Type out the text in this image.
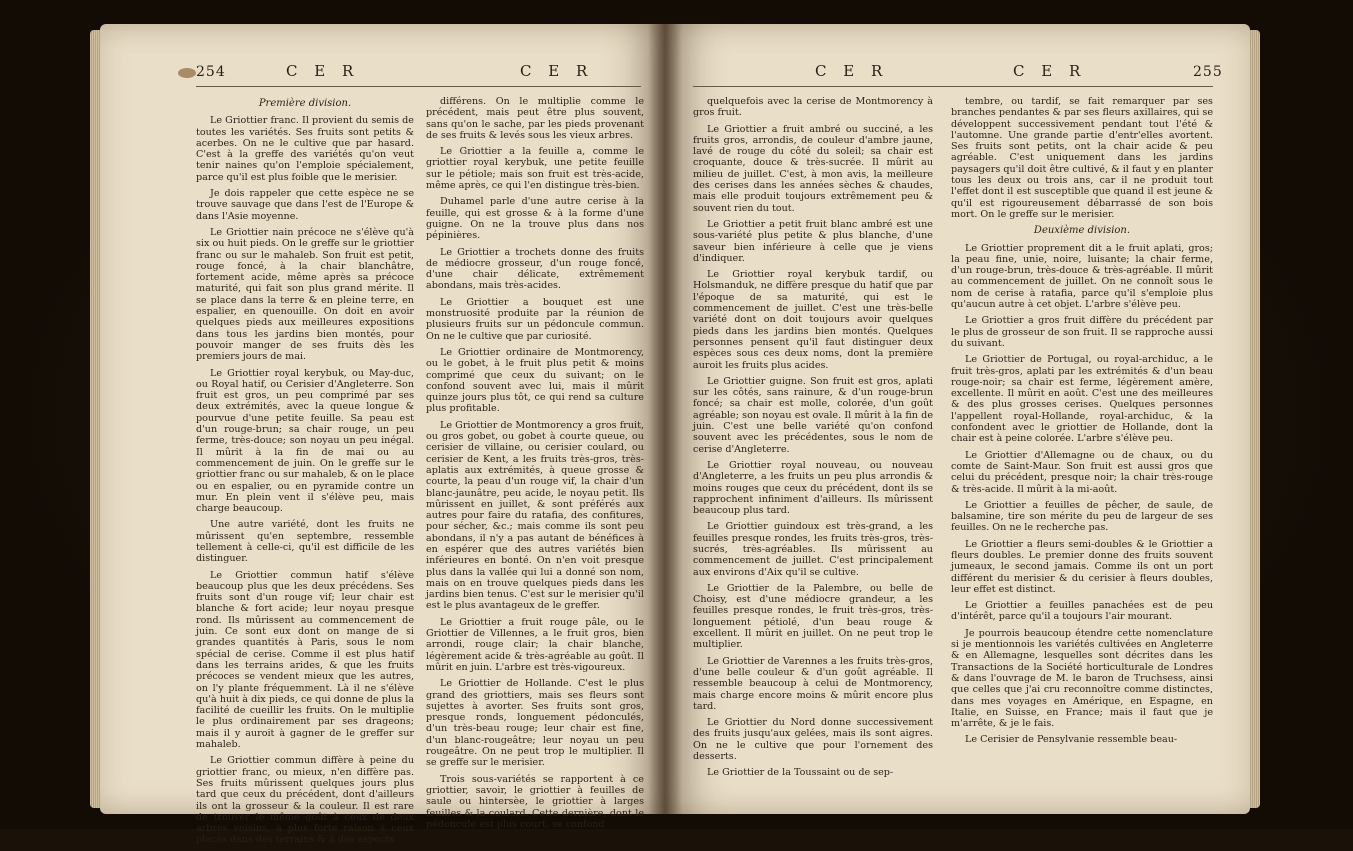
254	C E R	C E R
Première division.

Le Griottier franc. Il provient du semis de toutes les variétés. Ses fruits sont petits & acerbes. On ne le cultive que par hasard. C'est à la greffe des variétés qu'on veut tenir naines qu'on l'emploie spécialement, parce qu'il est plus foible que le merisier.

Je dois rappeler que cette espèce ne se trouve sauvage que dans l'est de l'Europe & dans l'Asie moyenne.

Le Griottier nain précoce ne s'élève qu'à six ou huit pieds. On le greffe sur le griottier franc ou sur le mahaleb. Son fruit est petit, rouge foncé, à la chair blanchâtre, fortement acide, même après sa précoce maturité, qui fait son plus grand mérite. Il se place dans la terre & en pleine terre, en espalier, en quenouille. On doit en avoir quelques pieds aux meilleures expositions dans tous les jardins bien montés, pour pouvoir manger de ses fruits dès les premiers jours de mai.

Le Griottier royal kerybuk, ou May-duc, ou Royal hatif, ou Cerisier d'Angleterre. Son fruit est gros, un peu comprimé par ses deux extrémités, avec la queue longue & pourvue d'une petite feuille. Sa peau est d'un rouge-brun; sa chair rouge, un peu ferme, très-douce; son noyau un peu inégal. Il mûrit à la fin de mai ou au commencement de juin. On le greffe sur le griottier franc ou sur mahaleb, & on le place ou en espalier, ou en pyramide contre un mur. En plein vent il s'élève peu, mais charge beaucoup.

Une autre variété, dont les fruits ne mûrissent qu'en septembre, ressemble tellement à celle-ci, qu'il est difficile de les distinguer.

Le Griottier commun hatif s'élève beaucoup plus que les deux précédens. Ses fruits sont d'un rouge vif; leur chair est blanche & fort acide; leur noyau presque rond. Ils mûrissent au commencement de juin. Ce sont eux dont on mange de si grandes quantités à Paris, sous le nom spécial de cerise. Comme il est plus hatif dans les terrains arides, & que les fruits précoces se vendent mieux que les autres, on l'y plante fréquemment. Là il ne s'élève qu'à huit à dix pieds, ce qui donne de plus la facilité de cueillir les fruits. On le multiplie le plus ordinairement par ses drageons; mais il y auroit à gagner de le greffer sur mahaleb.

Le Griottier commun diffère à peine du griottier franc, ou mieux, n'en diffère pas. Ses fruits mûrissent quelques jours plus tard que ceux du précédent, dont d'ailleurs ils ont la grosseur & la couleur. Il est rare de trouver le même goût à ceux de deux arbres voisins, à plus forte raison à ceux placés dans des terrains & à des aspects

différens. On le multiplie comme le précédent, mais peut être plus souvent, sans qu'on le sache, par les pieds provenant de ses fruits & levés sous les vieux arbres.

Le Griottier a la feuille a, comme le griottier royal kerybuk, une petite feuille sur le pétiole; mais son fruit est très-acide, même après, ce qui l'en distingue très-bien.

Duhamel parle d'une autre cerise à la feuille, qui est grosse & à la forme d'une guigne. On ne la trouve plus dans nos pépinières.

Le Griottier a trochets donne des fruits de médiocre grosseur, d'un rouge foncé, d'une chair délicate, extrêmement abondans, mais très-acides.

Le Griottier a bouquet est une monstruosité produite par la réunion de plusieurs fruits sur un pédoncule commun. On ne le cultive que par curiosité.

Le Griottier ordinaire de Montmorency, ou le gobet, à le fruit plus petit & moins comprimé que ceux du suivant; on le confond souvent avec lui, mais il mûrit quinze jours plus tôt, ce qui rend sa culture plus profitable.

Le Griottier de Montmorency a gros fruit, ou gros gobet, ou gobet à courte queue, ou cerisier de villaine, ou cerisier coulard, ou cerisier de Kent, a les fruits très-gros, très-aplatis aux extrémités, à queue grosse & courte, la peau d'un rouge vif, la chair d'un blanc-jaunâtre, peu acide, le noyau petit. Ils mûrissent en juillet, & sont préférés aux autres pour faire du ratafia, des confitures, pour sécher, &c.; mais comme ils sont peu abondans, il n'y a pas autant de bénéfices à en espérer que des autres variétés bien inférieures en bonté. On n'en voit presque plus dans la vallée qui lui a donné son nom, mais on en trouve quelques pieds dans les jardins bien tenus. C'est sur le merisier qu'il est le plus avantageux de le greffer.

Le Griottier a fruit rouge pâle, ou le Griottier de Villennes, a le fruit gros, bien arrondi, rouge clair; la chair blanche, légèrement acide & très-agréable au goût. Il mûrit en juin. L'arbre est très-vigoureux.

Le Griottier de Hollande. C'est le plus grand des griottiers, mais ses fleurs sont sujettes à avorter. Ses fruits sont gros, presque ronds, longuement pédonculés, d'un très-beau rouge; leur chair est fine, d'un blanc-rougeâtre; leur noyau un peu rougeâtre. On ne peut trop le multiplier. Il se greffe sur le merisier.

Trois sous-variétés se rapportent à ce griottier, savoir, le griottier à feuilles de saule ou hintersèe, le griottier à larges feuilles & la coulard. Cette dernière, dont le pédoncule est plus court, se confond

C E R	C E R	255

quelquefois avec la cerise de Montmorency à gros fruit.

Le Griottier a fruit ambré ou succiné, a les fruits gros, arrondis, de couleur d'ambre jaune, lavé de rouge du côté du soleil; sa chair est croquante, douce & très-sucrée. Il mûrit au milieu de juillet. C'est, à mon avis, la meilleure des cerises dans les années sèches & chaudes, mais elle produit toujours extrêmement peu & souvent rien du tout.

Le Griottier a petit fruit blanc ambré est une sous-variété plus petite & plus blanche, d'une saveur bien inférieure à celle que je viens d'indiquer.

Le Griottier royal kerybuk tardif, ou Holsmanduk, ne diffère presque du hatif que par l'époque de sa maturité, qui est le commencement de juillet. C'est une très-belle variété dont on doit toujours avoir quelques pieds dans les jardins bien montés. Quelques personnes pensent qu'il faut distinguer deux espèces sous ces deux noms, dont la première auroit les fruits plus acides.

Le Griottier guigne. Son fruit est gros, aplati sur les côtés, sans rainure, & d'un rouge-brun foncé; sa chair est molle, colorée, d'un goût agréable; son noyau est ovale. Il mûrit à la fin de juin. C'est une belle variété qu'on confond souvent avec les précédentes, sous le nom de cerise d'Angleterre.

Le Griottier royal nouveau, ou nouveau d'Angleterre, a les fruits un peu plus arrondis & moins rouges que ceux du précédent, dont ils se rapprochent infiniment d'ailleurs. Ils mûrissent beaucoup plus tard.

Le Griottier guindoux est très-grand, a les feuilles presque rondes, les fruits très-gros, très-sucrés, très-agréables. Ils mûrissent au commencement de juillet. C'est principalement aux environs d'Aix qu'il se cultive.

Le Griottier de la Palembre, ou belle de Choisy, est d'une médiocre grandeur, a les feuilles presque rondes, le fruit très-gros, très-longuement pétiolé, d'un beau rouge & excellent. Il mûrit en juillet. On ne peut trop le multiplier.

Le Griottier de Varennes a les fruits très-gros, d'une belle couleur & d'un goût agréable. Il ressemble beaucoup à celui de Montmorency, mais charge encore moins & mûrit encore plus tard.

Le Griottier du Nord donne successivement des fruits jusqu'aux gelées, mais ils sont aigres. On ne le cultive que pour l'ornement des desserts.

Le Griottier de la Toussaint ou de sep-

tembre, ou tardif, se fait remarquer par ses branches pendantes & par ses fleurs axillaires, qui se développent successivement pendant tout l'été & l'automne. Une grande partie d'entr'elles avortent. Ses fruits sont petits, ont la chair acide & peu agréable. C'est uniquement dans les jardins paysagers qu'il doit être cultivé, & il faut y en planter tous les deux ou trois ans, car il ne produit tout l'effet dont il est susceptible que quand il est jeune & qu'il est rigoureusement débarrassé de son bois mort. On le greffe sur le merisier.

Deuxième division.

Le Griottier proprement dit a le fruit aplati, gros; la peau fine, unie, noire, luisante; la chair ferme, d'un rouge-brun, très-douce & très-agréable. Il mûrit au commencement de juillet. On ne connoît sous le nom de cerise à ratafia, parce qu'il s'emploie plus qu'aucun autre à cet objet. L'arbre s'élève peu.

Le Griottier a gros fruit diffère du précédent par le plus de grosseur de son fruit. Il se rapproche aussi du suivant.

Le Griottier de Portugal, ou royal-archiduc, a le fruit très-gros, aplati par les extrémités & d'un beau rouge-noir; sa chair est ferme, légèrement amère, excellente. Il mûrit en août. C'est une des meilleures & des plus grosses cerises. Quelques personnes l'appellent royal-Hollande, royal-archiduc, & la confondent avec le griottier de Hollande, dont la chair est à peine colorée. L'arbre s'élève peu.

Le Griottier d'Allemagne ou de chaux, ou du comte de Saint-Maur. Son fruit est aussi gros que celui du précédent, presque noir; la chair très-rouge & très-acide. Il mûrit à la mi-août.

Le Griottier a feuilles de pêcher, de saule, de balsamine, tire son mérite du peu de largeur de ses feuilles. On ne le recherche pas.

Le Griottier a fleurs semi-doubles & le Griottier a fleurs doubles. Le premier donne des fruits souvent jumeaux, le second jamais. Comme ils ont un port différent du merisier & du cerisier à fleurs doubles, leur effet est distinct.

Le Griottier a feuilles panachées est de peu d'intérêt, parce qu'il a toujours l'air mourant.

Je pourrois beaucoup étendre cette nomenclature si je mentionnois les variétés cultivées en Angleterre & en Allemagne, lesquelles sont décrites dans les Transactions de la Société horticulturale de Londres & dans l'ouvrage de M. le baron de Truchsess, ainsi que celles que j'ai cru reconnoître comme distinctes, dans mes voyages en Amérique, en Espagne, en Italie, en Suisse, en France; mais il faut que je m'arrête, & je le fais.

Le Cerisier de Pensylvanie ressemble beau-
